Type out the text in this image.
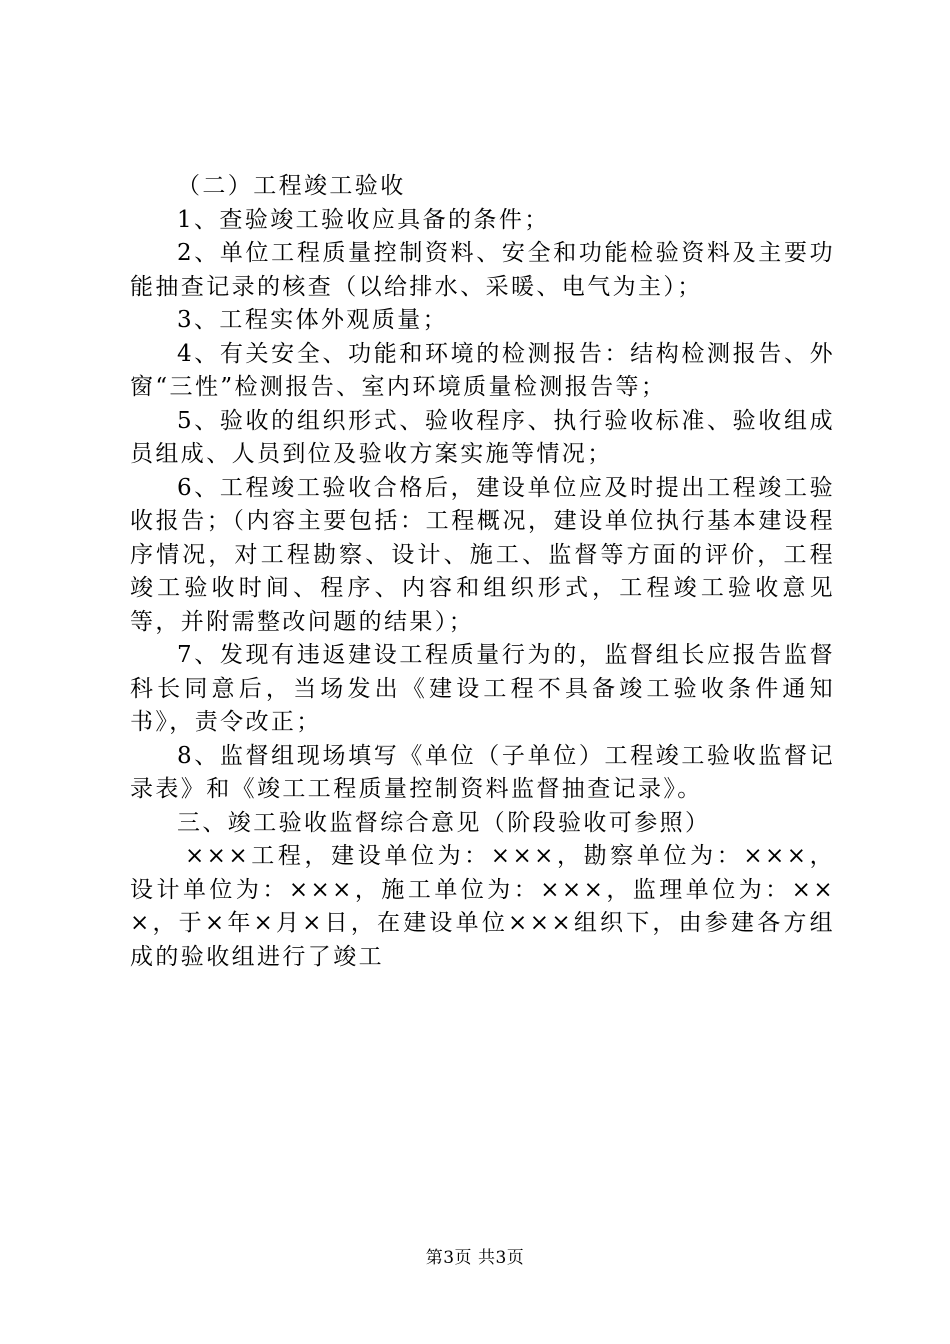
（二）工程竣工验收

1、查验竣工验收应具备的条件；

2、单位工程质量控制资料、安全和功能检验资料及主要功能抽查记录的核查（以给排水、采暖、电气为主）；

3、工程实体外观质量；

4、有关安全、功能和环境的检测报告：结构检测报告、外窗“三性”检测报告、室内环境质量检测报告等；

5、验收的组织形式、验收程序、执行验收标准、验收组成员组成、人员到位及验收方案实施等情况；

6、工程竣工验收合格后，建设单位应及时提出工程竣工验收报告；（内容主要包括：工程概况，建设单位执行基本建设程序情况，对工程勘察、设计、施工、监督等方面的评价，工程竣工验收时间、程序、内容和组织形式，工程竣工验收意见等，并附需整改问题的结果）；

7、发现有违返建设工程质量行为的，监督组长应报告监督科长同意后，当场发出《建设工程不具备竣工验收条件通知书》，责令改正；

8、监督组现场填写《单位（子单位）工程竣工验收监督记录表》和《竣工工程质量控制资料监督抽查记录》。

三、竣工验收监督综合意见（阶段验收可参照）

×××工程，建设单位为：×××，勘察单位为：×××，设计单位为：×××，施工单位为：×××，监理单位为：×××，于×年×月×日，在建设单位×××组织下，由参建各方组成的验收组进行了竣工

第3页 共3页
